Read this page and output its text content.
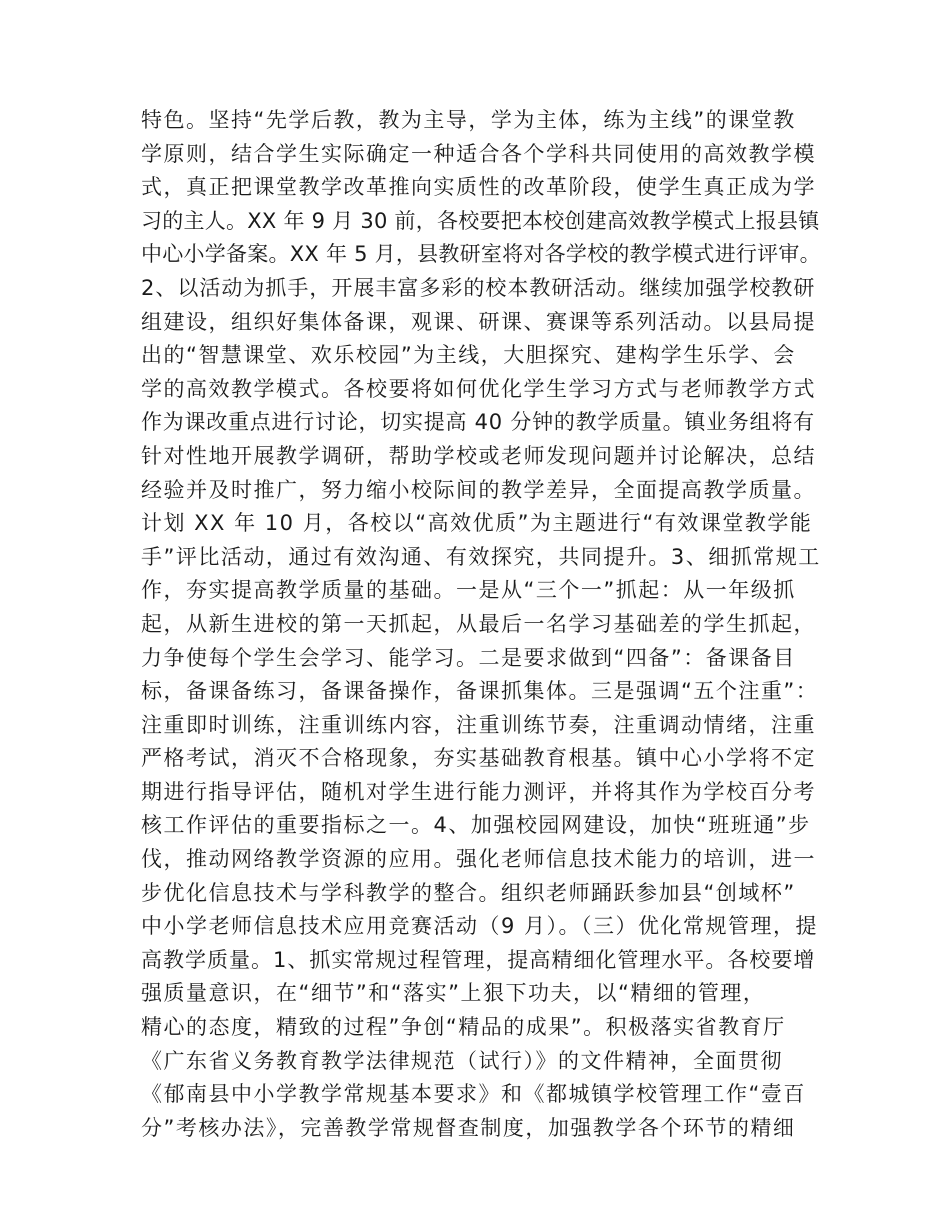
特色。坚持“先学后教，教为主导，学为主体，练为主线”的课堂教
学原则，结合学生实际确定一种适合各个学科共同使用的高效教学模
式，真正把课堂教学改革推向实质性的改革阶段，使学生真正成为学
习的主人。XX 年 9 月 30 前，各校要把本校创建高效教学模式上报县镇
中心小学备案。XX 年 5 月，县教研室将对各学校的教学模式进行评审。
2、以活动为抓手，开展丰富多彩的校本教研活动。继续加强学校教研
组建设，组织好集体备课，观课、研课、赛课等系列活动。以县局提
出的“智慧课堂、欢乐校园”为主线，大胆探究、建构学生乐学、会
学的高效教学模式。各校要将如何优化学生学习方式与老师教学方式
作为课改重点进行讨论，切实提高 40 分钟的教学质量。镇业务组将有
针对性地开展教学调研，帮助学校或老师发现问题并讨论解决，总结
经验并及时推广，努力缩小校际间的教学差异，全面提高教学质量。
计划 XX 年 10 月，各校以“高效优质”为主题进行“有效课堂教学能
手”评比活动，通过有效沟通、有效探究，共同提升。3、细抓常规工
作，夯实提高教学质量的基础。一是从“三个一”抓起：从一年级抓
起，从新生进校的第一天抓起，从最后一名学习基础差的学生抓起，
力争使每个学生会学习、能学习。二是要求做到“四备”：备课备目
标，备课备练习，备课备操作，备课抓集体。三是强调“五个注重”：
注重即时训练，注重训练内容，注重训练节奏，注重调动情绪，注重
严格考试，消灭不合格现象，夯实基础教育根基。镇中心小学将不定
期进行指导评估，随机对学生进行能力测评，并将其作为学校百分考
核工作评估的重要指标之一。4、加强校园网建设，加快“班班通”步
伐，推动网络教学资源的应用。强化老师信息技术能力的培训，进一
步优化信息技术与学科教学的整合。组织老师踊跃参加县“创域杯”
中小学老师信息技术应用竞赛活动（9 月）。（三）优化常规管理，提
高教学质量。1、抓实常规过程管理，提高精细化管理水平。各校要增
强质量意识，在“细节”和“落实”上狠下功夫，以“精细的管理，
精心的态度，精致的过程”争创“精品的成果”。积极落实省教育厅
《广东省义务教育教学法律规范（试行）》的文件精神，全面贯彻
《郁南县中小学教学常规基本要求》和《都城镇学校管理工作“壹百
分”考核办法》，完善教学常规督查制度，加强教学各个环节的精细
